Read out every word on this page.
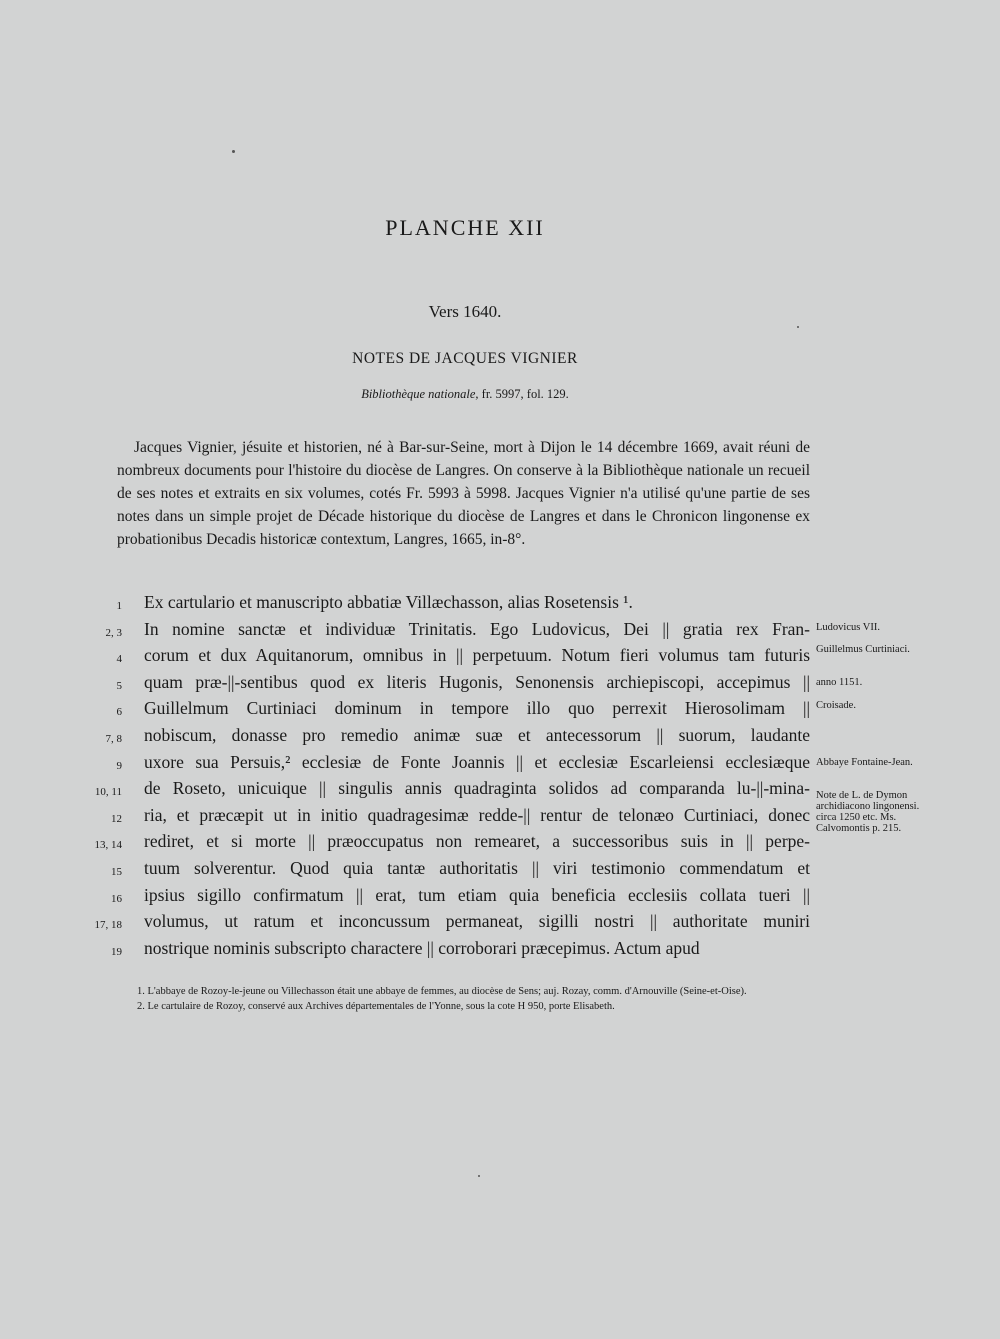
PLANCHE XII
Vers 1640.
NOTES DE JACQUES VIGNIER
Bibliothèque nationale, fr. 5997, fol. 129.

Jacques Vignier, jésuite et historien, né à Bar-sur-Seine, mort à Dijon le 14 décembre 1669, avait réuni de nombreux documents pour l'histoire du diocèse de Langres. On conserve à la Bibliothèque nationale un recueil de ses notes et extraits en six volumes, cotés Fr. 5993 à 5998. Jacques Vignier n'a utilisé qu'une partie de ses notes dans un simple projet de Décade historique du diocèse de Langres et dans le Chronicon lingonense ex probationibus Decadis historicæ contextum, Langres, 1665, in-8°.

1 Ex cartulario et manuscripto abbatiæ Villæchasson, alias Rosetensis ¹.
2, 3 In nomine sanctæ et individuæ Trinitatis. Ego Ludovicus, Dei || gratia rex Fran-
4 corum et dux Aquitanorum, omnibus in || perpetuum. Notum fieri volumus tam futuris
5 quam præ-||-sentibus quod ex literis Hugonis, Senonensis archiepiscopi, accepimus ||
6 Guillelmum Curtiniaci dominum in tempore illo quo perrexit Hierosolimam ||
7, 8 nobiscum, donasse pro remedio animæ suæ et antecessorum || suorum, laudante
9 uxore sua Persuis,² ecclesiæ de Fonte Joannis || et ecclesiæ Escarleiensi ecclesiæque
10, 11 de Roseto, unicuique || singulis annis quadraginta solidos ad comparanda lu-||-mina-
12 ria, et præcæpit ut in initio quadragesimæ redde-|| rentur de telonæo Curtiniaci, donec
13, 14 rediret, et si morte || præoccupatus non remearet, a successoribus suis in || perpe-
15 tuum solverentur. Quod quia tantæ authoritatis || viri testimonio commendatum et
16 ipsius sigillo confirmatum || erat, tum etiam quia beneficia ecclesiis collata tueri ||
17, 18 volumus, ut ratum et inconcussum permaneat, sigilli nostri || authoritate muniri
19 nostrique nominis subscripto charactere || corroborari præcepimus. Actum apud
Ludovicus VII.
Guillelmus Curtiniaci.
anno 1151.
Croisade.
Abbaye Fontaine-Jean.
Note de L. de Dymon archidiacono lingonensi. circa 1250 etc. Ms. Calvomontis p. 215.

1. L'abbaye de Rozoy-le-jeune ou Villechasson était une abbaye de femmes, au diocèse de Sens; auj. Rozay, comm. d'Arnouville (Seine-et-Oise).

2. Le cartulaire de Rozoy, conservé aux Archives départementales de l'Yonne, sous la cote H 950, porte Elisabeth.
